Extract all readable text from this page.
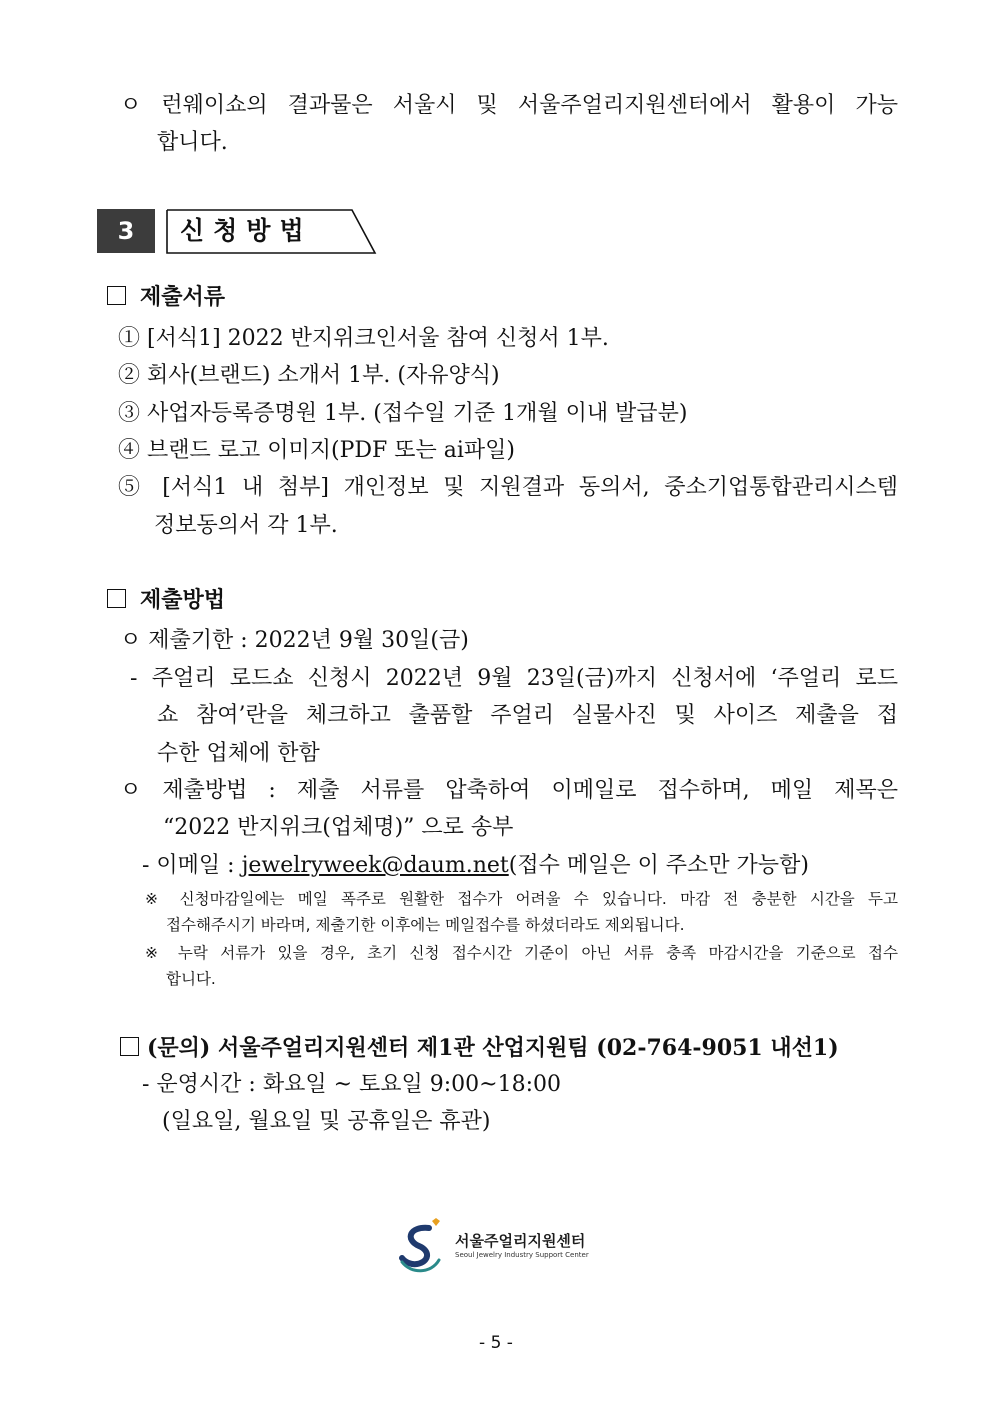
ㅇ 런웨이쇼의 결과물은 서울시 및 서울주얼리지원센터에서 활용이 가능
합니다.
3	신청방법
제출서류
① [서식1] 2022 반지위크인서울 참여 신청서 1부.
② 회사(브랜드) 소개서 1부. (자유양식)
③ 사업자등록증명원 1부. (접수일 기준 1개월 이내 발급분)
④ 브랜드 로고 이미지(PDF 또는 ai파일)
⑤ [서식1 내 첨부] 개인정보 및 지원결과 동의서, 중소기업통합관리시스템
정보동의서 각 1부.
제출방법
ㅇ 제출기한 : 2022년 9월 30일(금)
- 주얼리 로드쇼 신청시 2022년 9월 23일(금)까지 신청서에 ‘주얼리 로드
쇼 참여’란을 체크하고 출품할 주얼리 실물사진 및 사이즈 제출을 접
수한 업체에 한함
ㅇ 제출방법 : 제출 서류를 압축하여 이메일로 접수하며, 메일 제목은
“2022 반지위크(업체명)” 으로 송부
- 이메일 : jewelryweek@daum.net(접수 메일은 이 주소만 가능함)
※ 신청마감일에는 메일 폭주로 원활한 접수가 어려울 수 있습니다. 마감 전 충분한 시간을 두고
접수해주시기 바라며, 제출기한 이후에는 메일접수를 하셨더라도 제외됩니다.
※ 누락 서류가 있을 경우, 초기 신청 접수시간 기준이 아닌 서류 충족 마감시간을 기준으로 접수
합니다.
(문의) 서울주얼리지원센터 제1관 산업지원팀 (02-764-9051 내선1)
- 운영시간 : 화요일 ~ 토요일 9:00~18:00
(일요일, 월요일 및 공휴일은 휴관)
서울주얼리지원센터
Seoul Jewelry Industry Support Center
- 5 -
